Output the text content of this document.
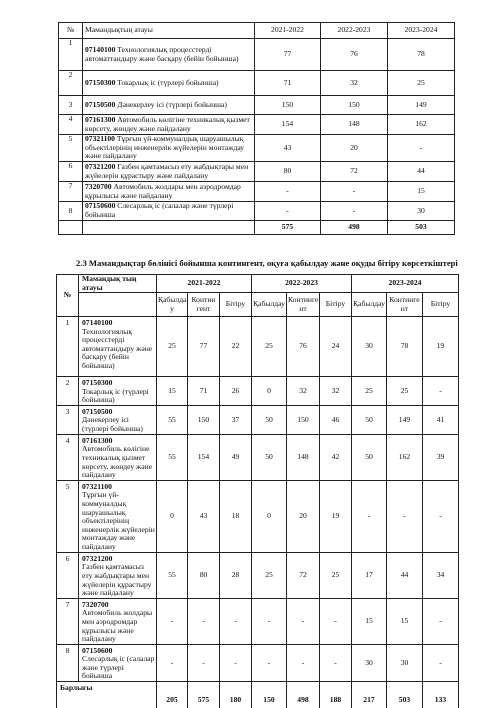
№	Мамандықтың атауы	2021-2022	2022-2023	2023-2024
1	07140100 Технологиялық процесстерді автоматтандыру және басқару (бейін бойынша)	77	76	78
2	07150300 Токарлық іс (түрлері бойынша)	71	32	25
3	07150500 Дәнекерлеу ісі (түрлері бойынша)	150	150	149
4	07161300 Автомобиль көлігіне техникалық қызмет көрсету, жөндеу және пайдалану	154	148	162
5	07321100 Тұрғын үй-коммуналдық шаруашылық объектілерінің инженерлік жүйелерін монтаждау және пайдалану	43	20	-
6	07321200 Газбен қамтамасыз ету жабдықтары мен жүйелерін құрастыру және пайдалану	80	72	44
7	7320700 Автомобиль жолдары мен аэродромдар құрылысы және пайдалану	-	-	15
8	07150600 Слесарлық іс (салалар және түрлері бойынша	-	-	30
		575	498	503
2.3 Мамандықтар бөлінісі бойынша контингент, оқуға қабылдау және оқуды бітіру көрсеткіштері
№	Мамандық тың атауы	2021-2022			2022-2023			2023-2024		
		Қабылда у	Контин гент	Бітіру	Қабылдау	Континге нт	Бітіру	Қабылдау	Континге нт	Бітіру
1	07140100
Технологиялық процесстерді автоматтандыру және басқару (бейін бойынша)	25	77	22	25	76	24	30	78	19
2	07150300
Токарлық іс (түрлері бойынша)	15	71	26	0	32	32	25	25	-
3	07150500
Дәнекерлеу ісі (түрлері бойынша)	55	150	37	50	150	46	50	149	41
4	07161300
Автомобиль көлігіне техникалық қызмет көрсету, жөндеу және пайдалану	55	154	49	50	148	42	50	162	39
5	07321100
Тұрғын үй-коммуналдық шаруашылық объектілерінің инженерлік жүйелерін монтаждау және пайдалану	0	43	18	0	20	19	-	-	-
6	07321200
Газбен қамтамасыз ету жабдықтары мен жүйелерін құрастыру және пайдалану	55	80	28	25	72	25	17	44	34
7	7320700
Автомобиль жолдары мен аэродромдар құрылысы және пайдалану	-	-	-	-	-	-	15	15	-
8	07150600
Слесарлық іс (салалар және түрлері бойынша	-	-	-	-	-	-	30	30	-
Барлығы		205	575	180	150	498	188	217	503	133
